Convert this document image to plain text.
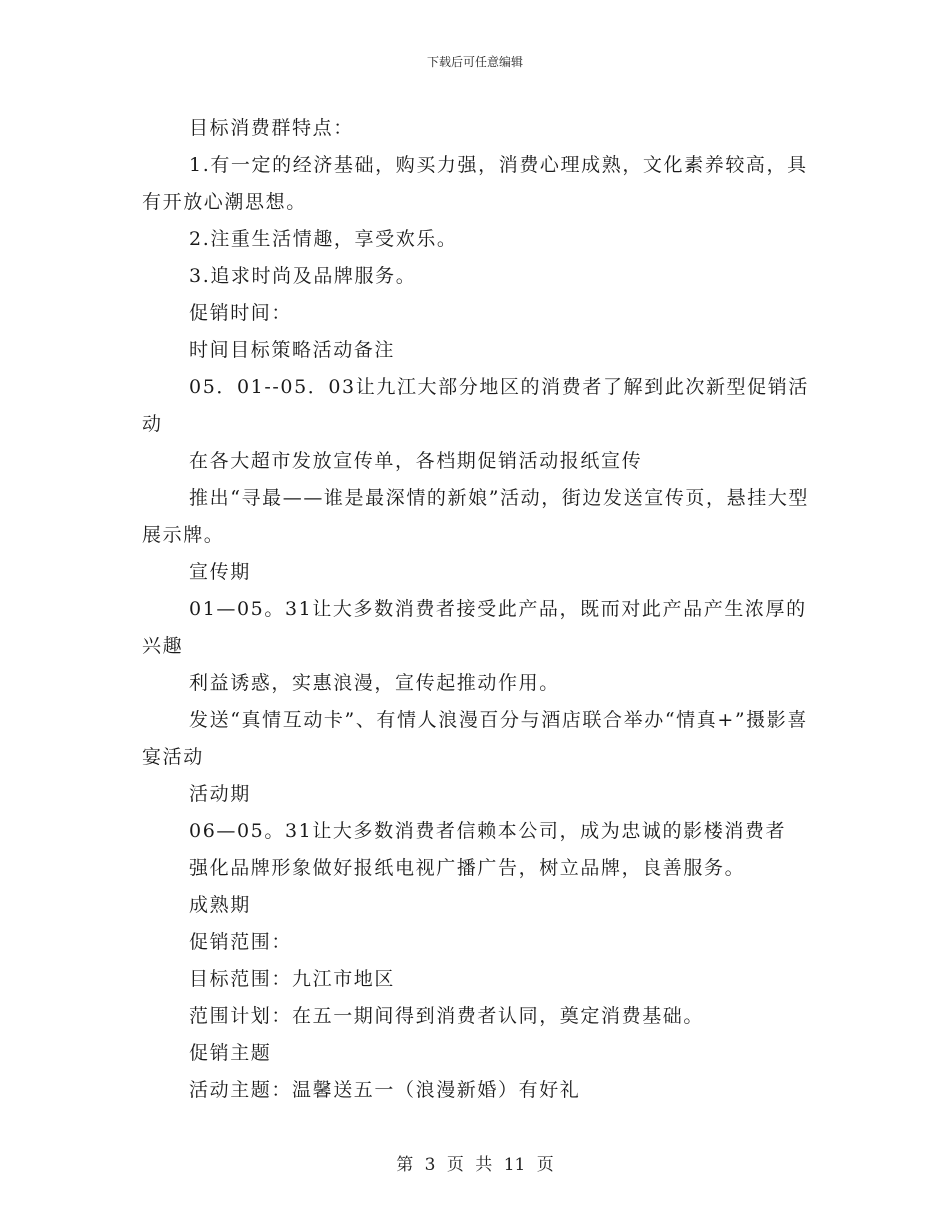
下载后可任意编辑

目标消费群特点：

1.有一定的经济基础，购买力强，消费心理成熟，文化素养较高，具有开放心潮思想。

2.注重生活情趣，享受欢乐。

3.追求时尚及品牌服务。

促销时间：

时间目标策略活动备注

05．01--05．03让九江大部分地区的消费者了解到此次新型促销活动

在各大超市发放宣传单，各档期促销活动报纸宣传

推出“寻最——谁是最深情的新娘”活动，街边发送宣传页，悬挂大型展示牌。

宣传期

01—05。31让大多数消费者接受此产品，既而对此产品产生浓厚的兴趣

利益诱惑，实惠浪漫，宣传起推动作用。

发送“真情互动卡”、有情人浪漫百分与酒店联合举办“情真+”摄影喜宴活动

活动期

06—05。31让大多数消费者信赖本公司，成为忠诚的影楼消费者

强化品牌形象做好报纸电视广播广告，树立品牌，良善服务。

成熟期

促销范围：

目标范围：九江市地区

范围计划：在五一期间得到消费者认同，奠定消费基础。

促销主题

活动主题：温馨送五一（浪漫新婚）有好礼

第 3 页 共 11 页
